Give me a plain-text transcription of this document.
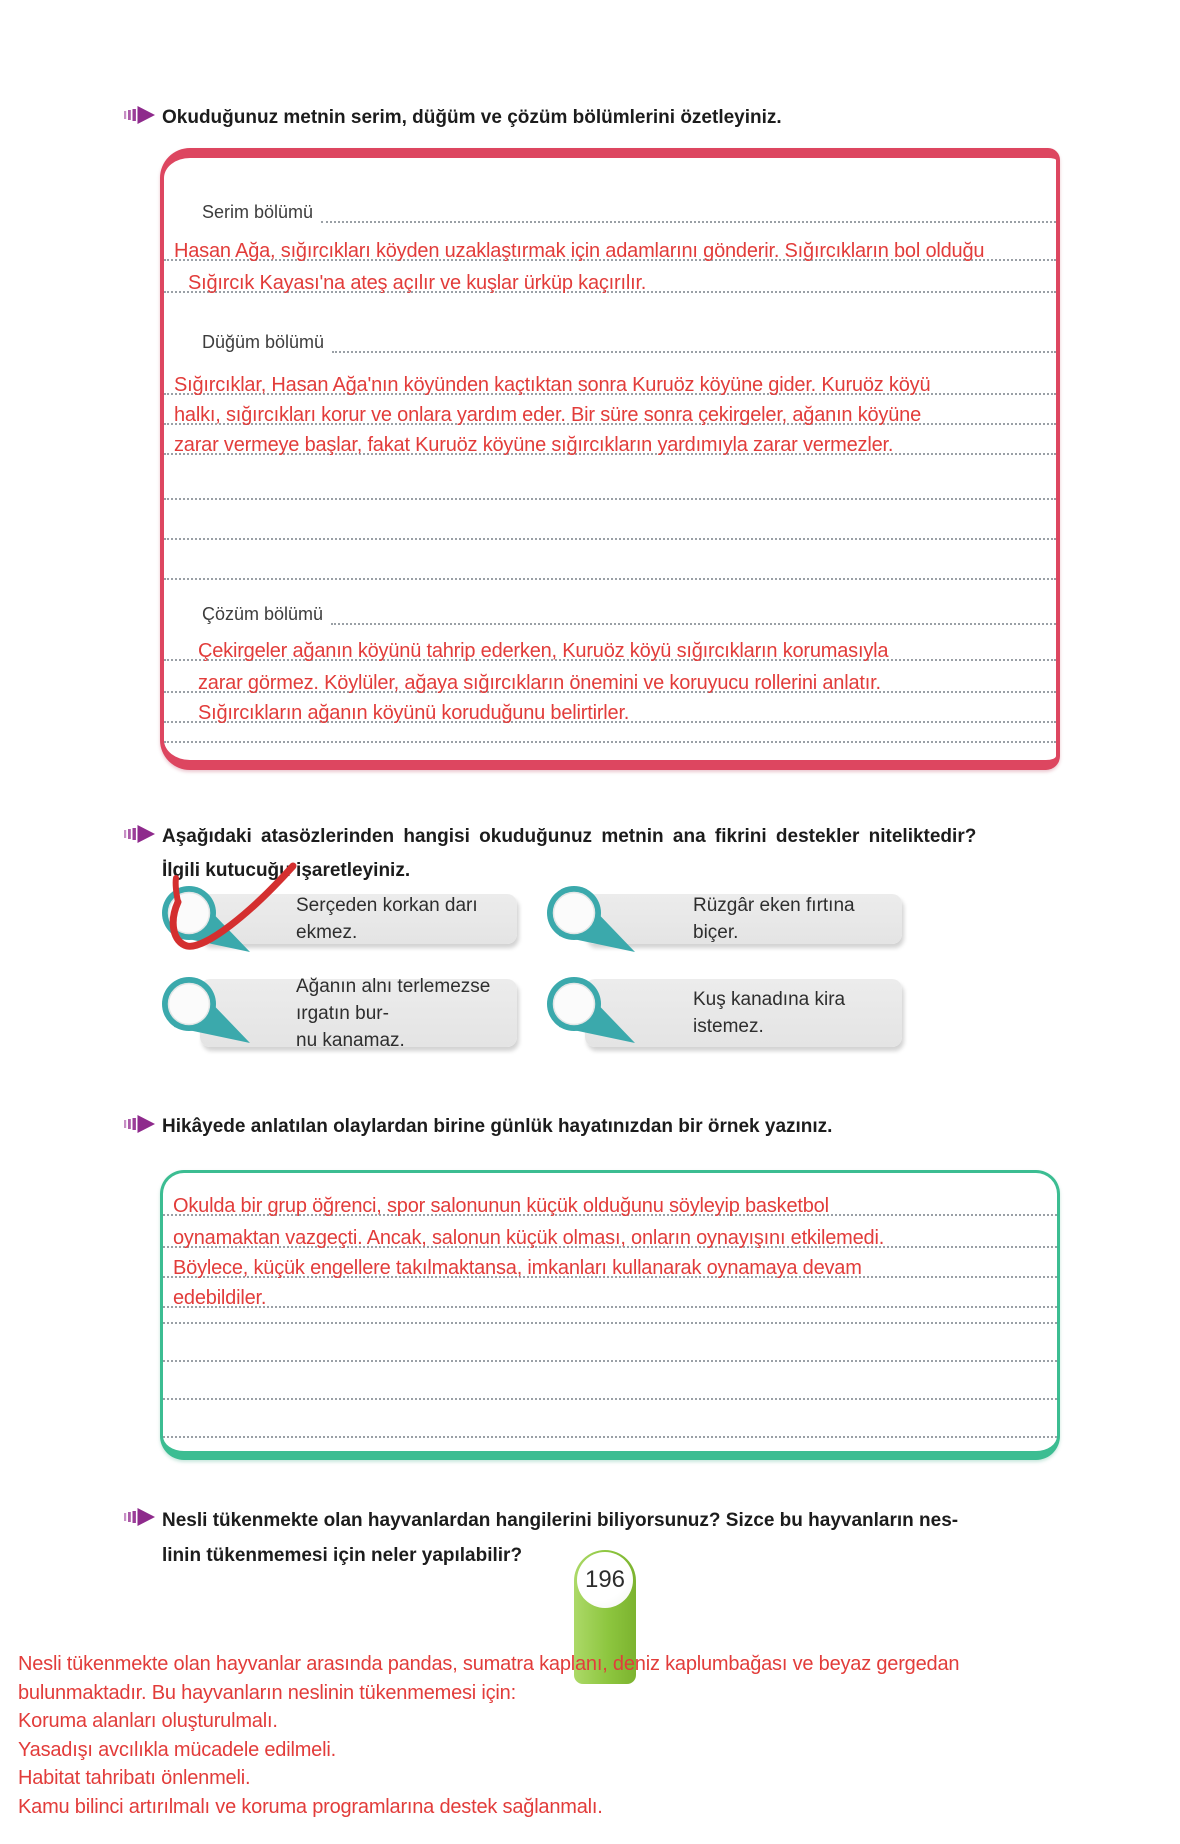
Okuduğunuz metnin serim, düğüm ve çözüm bölümlerini özetleyiniz.
Serim bölümü
Hasan Ağa, sığırcıkları köyden uzaklaştırmak için adamlarını gönderir. Sığırcıkların bol olduğu
Sığırcık Kayası'na ateş açılır ve kuşlar ürküp kaçırılır.
Düğüm bölümü
Sığırcıklar, Hasan Ağa'nın köyünden kaçtıktan sonra Kuruöz köyüne gider. Kuruöz köyü
halkı, sığırcıkları korur ve onlara yardım eder. Bir süre sonra çekirgeler, ağanın köyüne
zarar vermeye başlar, fakat Kuruöz köyüne sığırcıkların yardımıyla zarar vermezler.
Çözüm bölümü
Çekirgeler ağanın köyünü tahrip ederken, Kuruöz köyü sığırcıkların korumasıyla
zarar görmez. Köylüler, ağaya sığırcıkların önemini ve koruyucu rollerini anlatır.
Sığırcıkların ağanın köyünü koruduğunu belirtirler.
Aşağıdaki atasözlerinden hangisi okuduğunuz metnin ana fikrini destekler niteliktedir?
İlgili kutucuğu işaretleyiniz.
Serçeden korkan darı ekmez.
Rüzgâr eken fırtına biçer.
Ağanın alnı terlemezse ırgatın bur-
nu kanamaz.
Kuş kanadına kira istemez.
Hikâyede anlatılan olaylardan birine günlük hayatınızdan bir örnek yazınız.
Okulda bir grup öğrenci, spor salonunun küçük olduğunu söyleyip basketbol
oynamaktan vazgeçti. Ancak, salonun küçük olması, onların oynayışını etkilemedi.
Böylece, küçük engellere takılmaktansa, imkanları kullanarak oynamaya devam
edebildiler.
Nesli tükenmekte olan hayvanlardan hangilerini biliyorsunuz? Sizce bu hayvanların nes-
linin tükenmemesi için neler yapılabilir?
196
Nesli tükenmekte olan hayvanlar arasında pandas, sumatra kaplanı, deniz kaplumbağası ve beyaz gergedan
bulunmaktadır. Bu hayvanların neslinin tükenmemesi için:
Koruma alanları oluşturulmalı.
Yasadışı avcılıkla mücadele edilmeli.
Habitat tahribatı önlenmeli.
Kamu bilinci artırılmalı ve koruma programlarına destek sağlanmalı.
